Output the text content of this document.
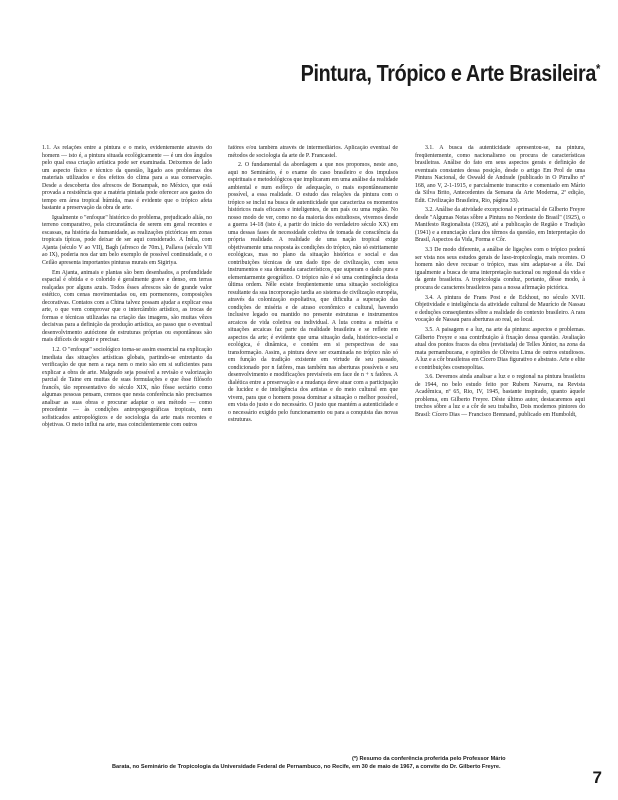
Pintura, Trópico e Arte Brasileira*

1.1. As relações entre a pintura e o meio, evidentemente através do homem — isto é, a pintura situada ecològicamente — é um dos ângulos pelo qual essa criação artística pode ser examinada. Deixemos de lado um aspecto físico e técnico da questão, ligado aos problemas dos materiais utilizados e dos efeitos do clima para a sua conservação. Desde a descoberta dos afrescos de Bonampak, no México, que está provada a resistência que a matéria pintada pode oferecer aos gastos do tempo em área tropical húmida, mas é evidente que o trópico afeta bastante a preservação da obra de arte.

Igualmente o "enfoque" histórico do problema, prejudicado aliás, no terreno comparativo, pela circunstância de serem em geral recentes e escassas, na história da humanidade, as realizações pictóricas em zonas tropicais típicas, pode deixar de ser aqui considerado. A Índia, com Ajanta (século V ao VII), Bagh (afresco de 70m.), Pallava (século VII ao IX), poderia nos dar um belo exemplo de possível continuidade, e o Ceilão apresenta importantes pinturas murais em Sigiriya.

Em Ajanta, animais e plantas são bem desenhados, a profundidade espacial é obtida e o colorido é geralmente grave e denso, em terras realçadas por alguns azuis. Todos êsses afrescos são de grande valor estético, com cenas movimentadas ou, em pormenores, composições decorativas. Contatos com a China talvez possam ajudar a explicar essa arte, o que vem comprovar que o intercâmbio artístico, as trocas de formas e técnicas utilizadas na criação das imagens, são muitas vêzes decisivas para a definição da produção artística, ao passo que o eventual desenvolvimento autóctone de estruturas próprias ou espontâneas são mais difíceis de seguir e precisar.

1.2. O "enfoque" sociológico torna-se assim essencial na explicação imediata das situações artísticas globais, partindo-se entretanto da verificação de que nem a raça nem o meio são em si suficientes para explicar a obra de arte. Malgrado seja possível a revisão e valorização parcial de Taine em muitas de suas formulações e que êsse filósofo francês, tão representativo do século XIX, não fôsse sectário como algumas pessoas pensam, cremos que nesta conferência não precisamos analisar as suas obras e procurar adaptar o seu método — como precedente — às condições antropogeográficas tropicais, nem sofisticados antropológicos e de sociologia da arte mais recentes e objetivas. O meio influi na arte, mas coincidentemente com outros

fatôres e/ou também através de intermediários. Aplicação eventual de métodos de sociologia da arte de P. Francastel.

2. O fundamental da abordagem a que nos propomos, neste ano, aqui no Seminário, é o exame do caso brasileiro e dos impulsos espirituais e metodológicos que implicaram em uma análise da realidade ambiental e num esfôrço de adequação, o mais espontâneamente possível, a essa realidade. O estudo das relações da pintura com o trópico se inclui na busca de autenticidade que caracteriza os momentos históricos mais eficazes e inteligentes, de um país ou uma região. No nosso modo de ver, como no da maioria dos estudiosos, vivemos desde a guerra 14-18 (isto é, a partir do início do verdadeiro século XX) em uma dessas fases de necessidade coletiva de tomada de consciência da própria realidade. A realidade de uma nação tropical exige objetivamente uma resposta às condições do trópico, não só estritamente ecológicas, mas no plano da situação histórica e social e das contribuições técnicas de um dado tipo de civilização, com seus instrumentos e sua demanda característicos, que superam o dado pura e elementarmente geográfico. O trópico não é só uma contingência desta última ordem. Nêle existe freqüentemente uma situação sociológica resultante da sua incorporação tardia ao sistema de civilização européia, através da colonização espoliativa, que dificulta a superação das condições de miséria e de atraso econômico e cultural, havendo inclusive legado ou mantido no presente estruturas e instrumentos arcaicos de vida coletiva ou individual. A luta contra a miséria e situações arcaicas faz parte da realidade brasileira e se reflete em aspectos da arte; é evidente que uma situação dada, histórico-social e ecológica, é dinâmica, e contém em si perspectivas de sua transformação. Assim, a pintura deve ser examinada no trópico não só em função da tradição existente em virtude de seu passado, condicionado por n fatôres, mas também nas aberturas possíveis e seu desenvolvimento e modificações previsíveis em face de n + x fatôres. A dialética entre a preservação e a mudança deve atuar com a participação de lucidez e de inteligência dos artistas e do meio cultural em que vivem, para que o homem possa dominar a situação o melhor possível, em vista do justo e do necessário. O justo que mantém a autenticidade e o necessário exigido pelo funcionamento ou para a conquista das novas estruturas.

3.1. A busca da autenticidade apresentou-se, na pintura, freqüentemente, como nacionalismo ou procura de características brasileiras. Análise do fato em seus aspectos gerais e definição de eventuais constantes dessa posição, desde o artigo Em Prol de uma Pintura Nacional, de Oswald de Andrade (publicado in O Pirralho nº 168, ano V, 2-1-1915, e parcialmente transcrito e comentado em Mário da Silva Brito, Antecedentes da Semana da Arte Moderna, 2ª edição, Edit. Civilização Brasileira, Rio, página 33).

3.2. Análise da atividade excepcional e primacial de Gilberto Freyre desde "Algumas Notas sôbre a Pintura no Nordeste do Brasil" (1925), o Manifesto Regionalista (1926), até a publicação de Região e Tradição (1941) e a enunciação clara dos têrmos da questão, em Interpretação do Brasil, Aspectos da Vida, Forma e Côr.

3.3 De modo diferente, a análise de ligações com o trópico poderá ser vista nos seus estudos gerais de luso-tropicologia, mais recentes. O homem não deve recusar o trópico, mas sim adaptar-se a êle. Daí igualmente a busca de uma interpretação nacional ou regional da vida e da gente brasileira. A tropicologia conduz, portanto, dêsse modo, à procura de caracteres brasileiros para a nossa afirmação pictórica.

3.4. A pintura de Frans Post e de Eckhout, no século XVII. Objetividade e inteligência da atividade cultural de Maurício de Nassau e deduções conseqüentes sôbre a realidade do contexto brasileiro. A rara vocação de Nassau para aberturas ao real, ao local.

3.5. A paisagem e a luz, na arte da pintura: aspectos e problemas. Gilberto Freyre e sua contribuição à fixação dessa questão. Avaliação atual dos pontos fracos da obra (revisitada) de Telles Júnior, na zona da mata pernambucana, e opiniões de Oliveira Lima de outros estudiosos. A luz e a côr brasileiras em Cícero Dias figurativo e abstrato. Arte e elite e contribuições cosmopolitas.

3.6. Devemos ainda analisar a luz e o regional na pintura brasileira de 1944, no belo estudo feito por Rubem Navarra, na Revista Acadêmica, nº 65, Rio, IV, 1945, bastante inspirado, quanto àquele problema, em Gilberto Freyre. Dêste último autor, destacaremos aqui trechos sôbre a luz e a côr de seu trabalho, Dois modernos pintores do Brasil: Cícero Dias — Francisco Brennand, publicado em Humboldt,

(*) Resumo da conferência proferida pelo Professor Mário

Barata, no Seminário de Tropicologia da Universidade Federal de Pernambuco, no Recife, em 30 de maio de 1967, a convite do Dr. Gilberto Freyre.

7
